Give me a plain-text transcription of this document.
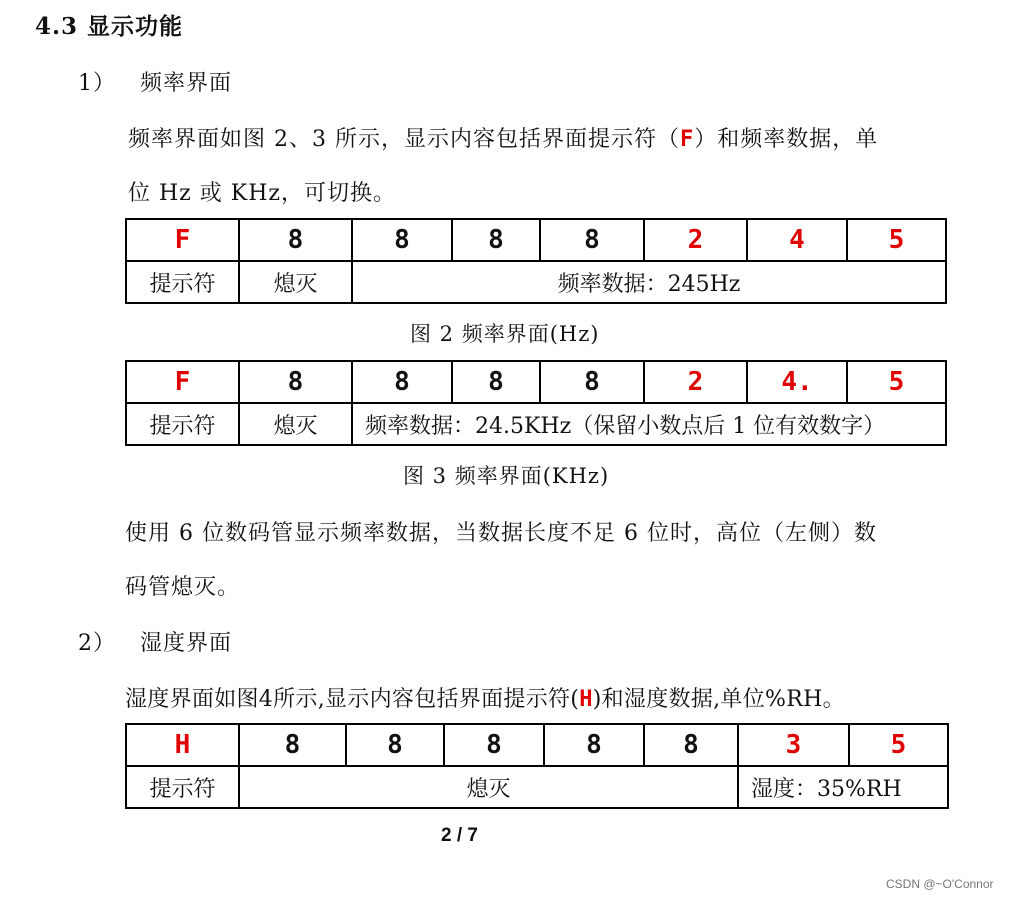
4.3 显示功能
1） 频率界面
频率界面如图 2、3 所示，显示内容包括界面提示符（F）和频率数据，单
位 Hz 或 KHz，可切换。
F	8	8	8	8	2	4	5
提示符	熄灭	频率数据：245Hz					
图 2 频率界面(Hz)
F	8	8	8	8	2	4.	5
提示符	熄灭	频率数据：24.5KHz（保留小数点后 1 位有效数字）					
图 3 频率界面(KHz)
使用 6 位数码管显示频率数据，当数据长度不足 6 位时，高位（左侧）数
码管熄灭。
2） 湿度界面
湿度界面如图4所示,显示内容包括界面提示符(H)和湿度数据,单位%RH。
H	8	8	8	8	8	3	5
提示符	熄灭					湿度：35%RH	
2 / 7
CSDN @~O'Connor
